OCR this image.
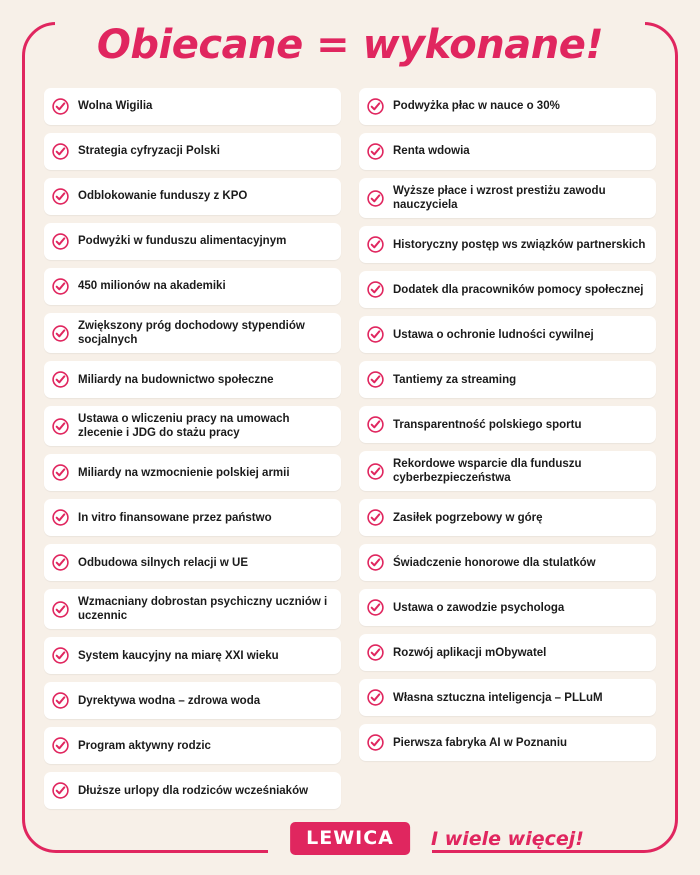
Obiecane = wykonane!
Wolna Wigilia
Strategia cyfryzacji Polski
Odblokowanie funduszy z KPO
Podwyżki w funduszu alimentacyjnym
450 milionów na akademiki
Zwiększony próg dochodowy stypendiów socjalnych
Miliardy na budownictwo społeczne
Ustawa o wliczeniu pracy na umowach zlecenie i JDG do stażu pracy
Miliardy na wzmocnienie polskiej armii
In vitro finansowane przez państwo
Odbudowa silnych relacji w UE
Wzmacniany dobrostan psychiczny uczniów i uczennic
System kaucyjny na miarę XXI wieku
Dyrektywa wodna – zdrowa woda
Program aktywny rodzic
Dłuższe urlopy dla rodziców wcześniaków
Podwyżka płac w nauce o 30%
Renta wdowia
Wyższe płace i wzrost prestiżu zawodu nauczyciela
Historyczny postęp ws związków partnerskich
Dodatek dla pracowników pomocy społecznej
Ustawa o ochronie ludności cywilnej
Tantiemy za streaming
Transparentność polskiego sportu
Rekordowe wsparcie dla funduszu cyberbezpieczeństwa
Zasiłek pogrzebowy w górę
Świadczenie honorowe dla stulatków
Ustawa o zawodzie psychologa
Rozwój aplikacji mObywatel
Własna sztuczna inteligencja – PLLuM
Pierwsza fabryka AI w Poznaniu
I wiele więcej!
LEWICA
